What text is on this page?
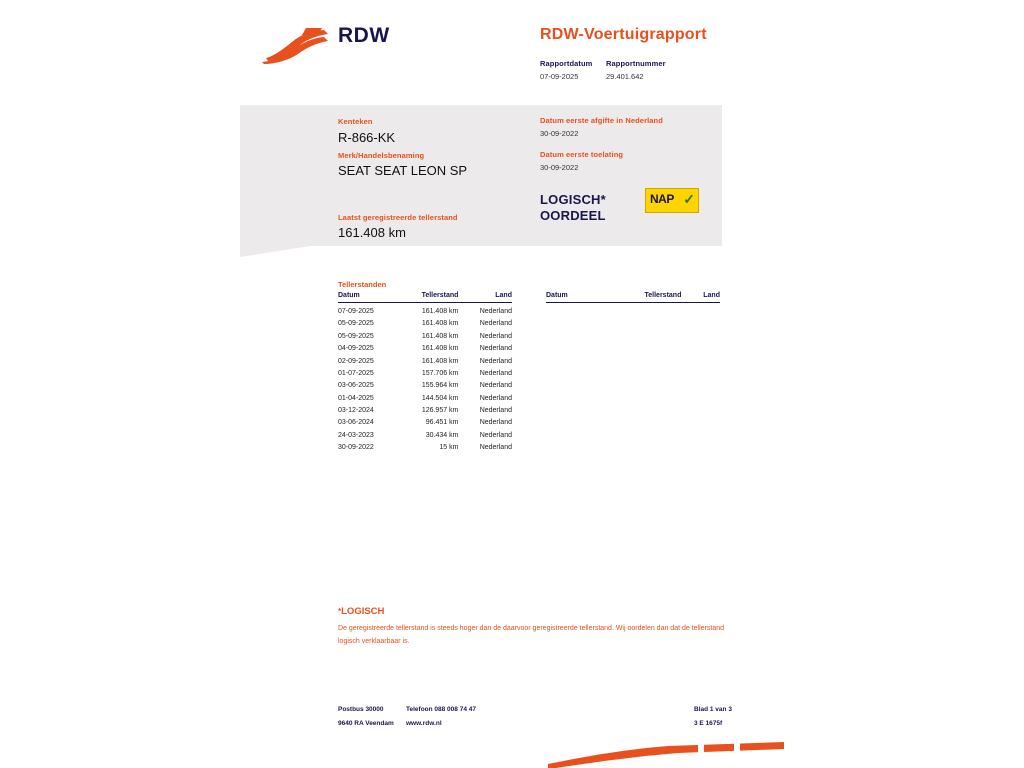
RDW	RDW-Voertuigrapport
Rapportdatum
07-09-2025
Rapportnummer
29.401.642
Kenteken
R-866-KK
Merk/Handelsbenaming
SEAT SEAT LEON SP
Laatst geregistreerde tellerstand
161.408 km
Datum eerste afgifte in Nederland
30-09-2022
Datum eerste toelating
30-09-2022
LOGISCH*
OORDEEL
NAP ✓
Tellerstanden
Datum	Tellerstand	Land
07-09-2025	161.408 km	Nederland
05-09-2025	161.408 km	Nederland
05-09-2025	161.408 km	Nederland
04-09-2025	161.408 km	Nederland
02-09-2025	161.408 km	Nederland
01-07-2025	157.706 km	Nederland
03-06-2025	155.964 km	Nederland
01-04-2025	144.504 km	Nederland
03-12-2024	126.957 km	Nederland
03-06-2024	96.451 km	Nederland
24-03-2023	30.434 km	Nederland
30-09-2022	15 km	Nederland
Datum	Tellerstand	Land
*LOGISCH
De geregistreerde tellerstand is steeds hoger dan de daarvoor geregistreerde tellerstand. Wij oordelen dan dat de tellerstand logisch verklaarbaar is.
Postbus 30000
9640 RA Veendam
Telefoon 088 008 74 47
www.rdw.nl
Blad 1 van 3
3 E 1675f
